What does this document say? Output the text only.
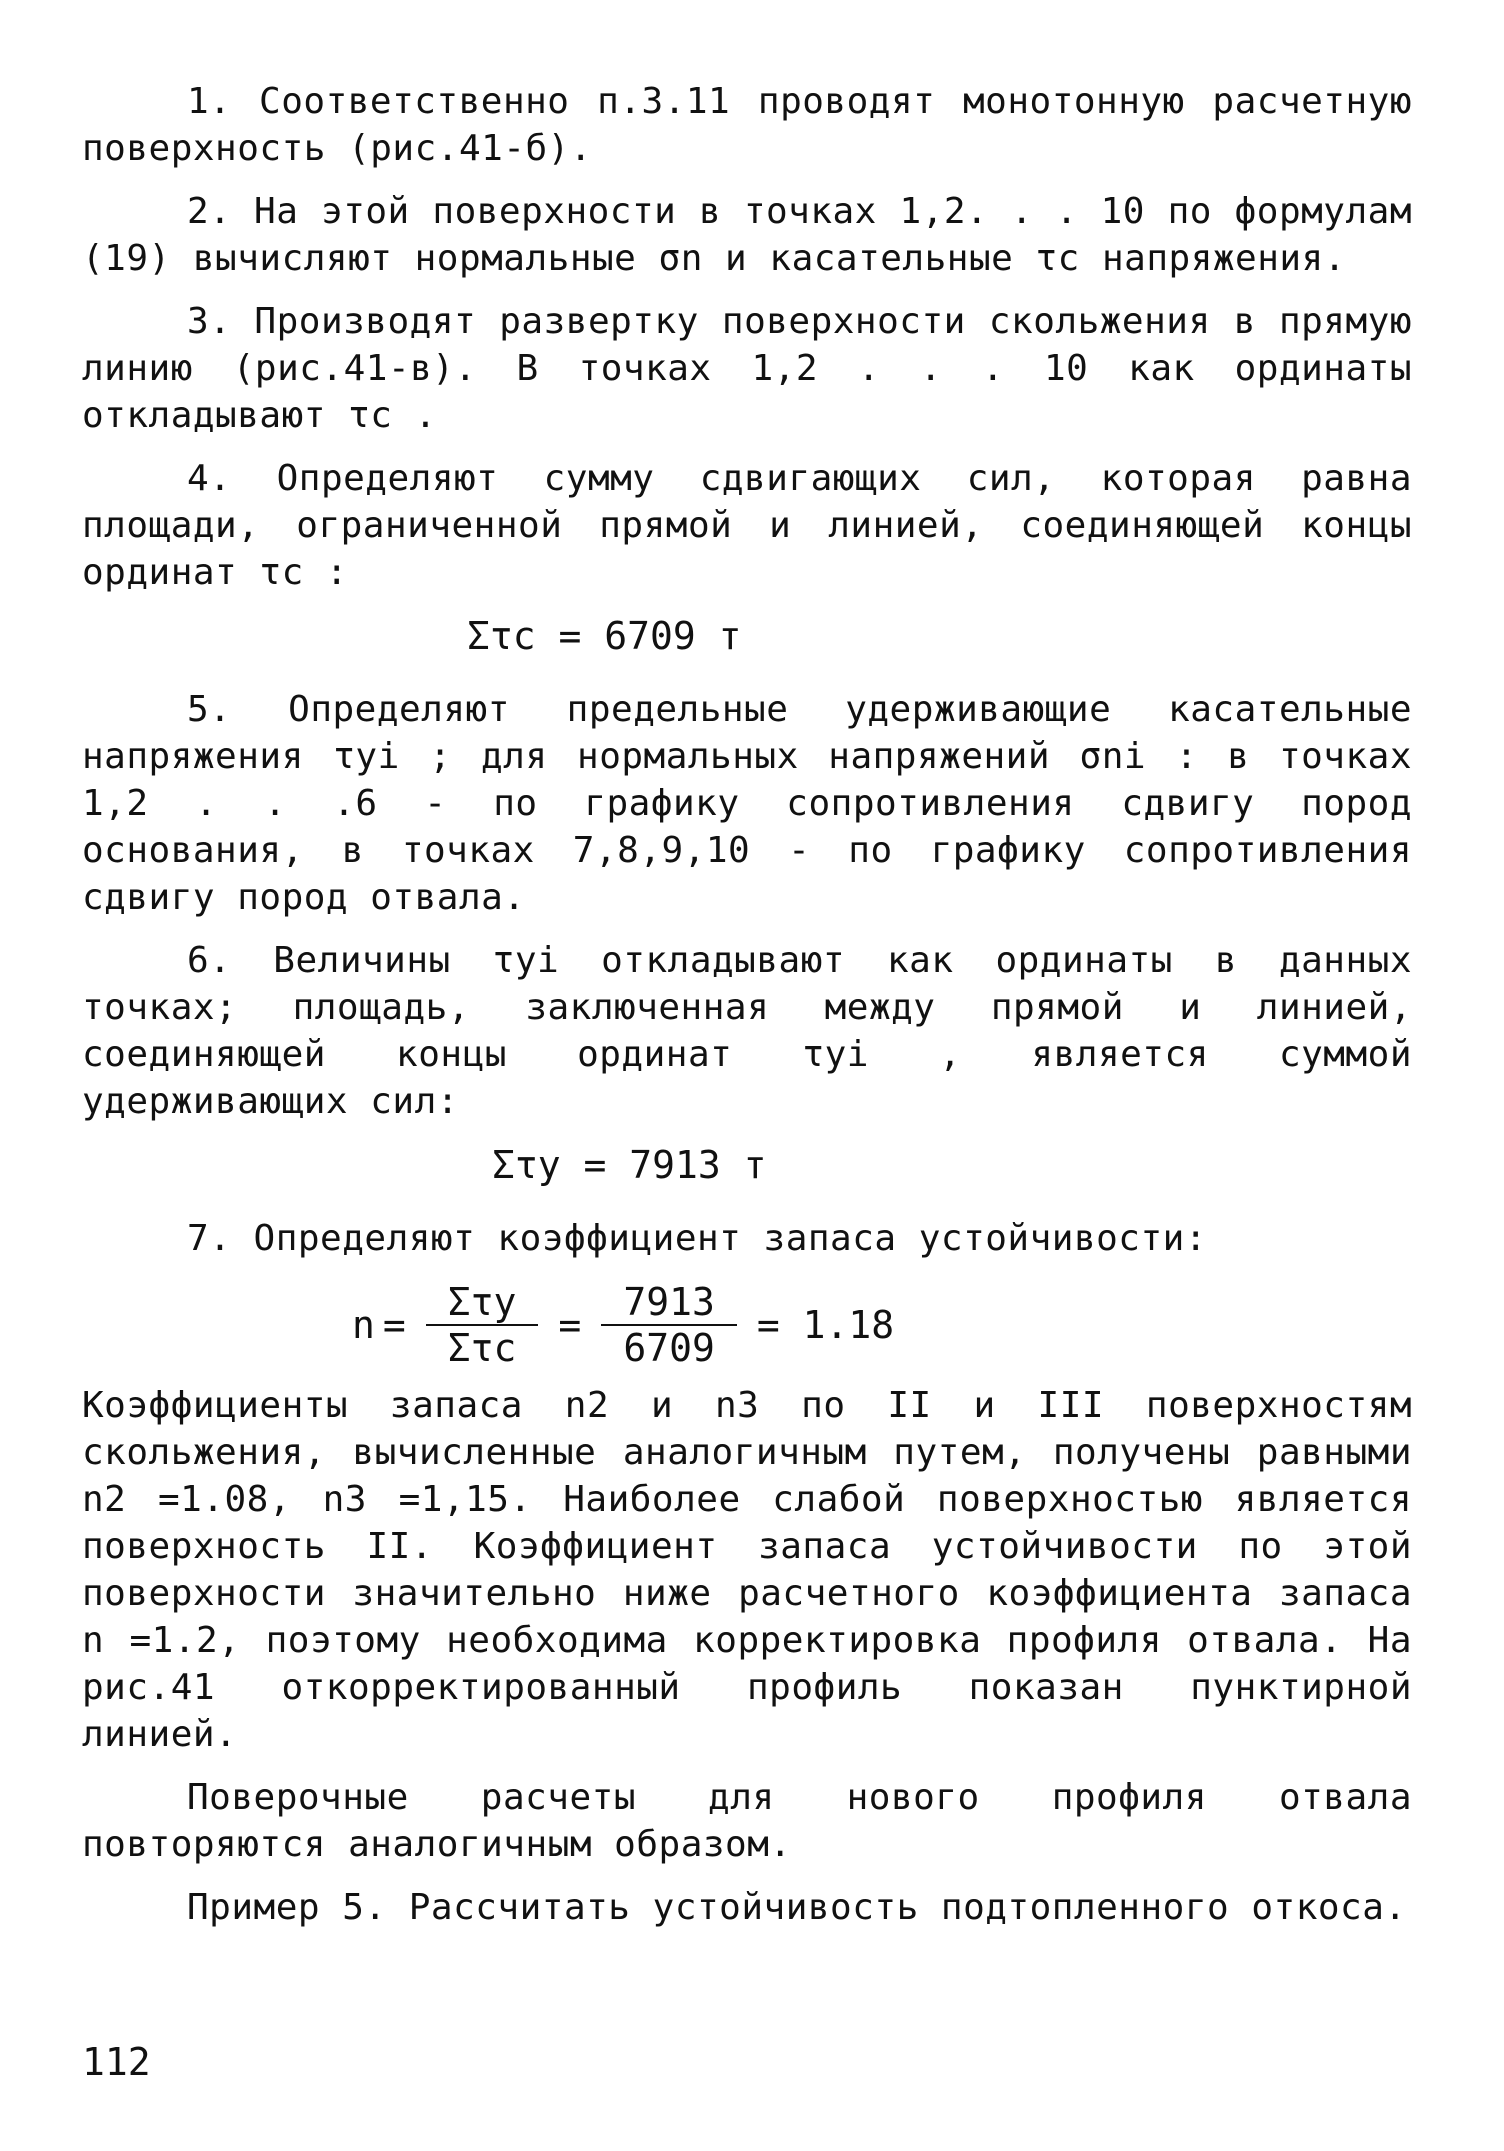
1. Соответственно п.3.11 проводят монотонную расчетную поверхность (рис.41-б).

2. На этой поверхности в точках 1,2. . . 10 по формулам (19) вычисляют нормальные σn и касательные τc напряжения.

3. Производят развертку поверхности скольжения в прямую линию (рис.41-в). В точках 1,2 . . . 10 как ординаты откладывают τc .

4. Определяют сумму сдвигающих сил, которая равна площади, ограниченной прямой и линией, соединяющей концы ординат τc :

Στc = 6709 т

5. Определяют предельные удерживающие касательные напряжения τyi ; для нормальных напряжений σni : в точках 1,2 . . .6 - по графику сопротивления сдвигу пород основания, в точках 7,8,9,10 - по графику сопротивления сдвигу пород отвала.

6. Величины τyi откладывают как ординаты в данных точках; площадь, заключенная между прямой и линией, соединяющей концы ординат τyi , является суммой удерживающих сил:

Στy = 7913 т

7. Определяют коэффициент запаса устойчивости:

$n = \frac{\text{Στy}}{\text{Στc}} = \frac{7913}{6709} = 1.18$

Коэффициенты запаса n2 и n3 по II и III поверхностям скольжения, вычисленные аналогичным путем, получены равными n2 =1.08, n3 =1,15. Наиболее слабой поверхностью является поверхность II. Коэффициент запаса устойчивости по этой поверхности значительно ниже расчетного коэффициента запаса n =1.2, поэтому необходима корректировка профиля отвала. На рис.41 откорректированный профиль показан пунктирной линией.

Поверочные расчеты для нового профиля отвала повторяются аналогичным образом.

Пример 5. Рассчитать устойчивость подтопленного откоса.

112
